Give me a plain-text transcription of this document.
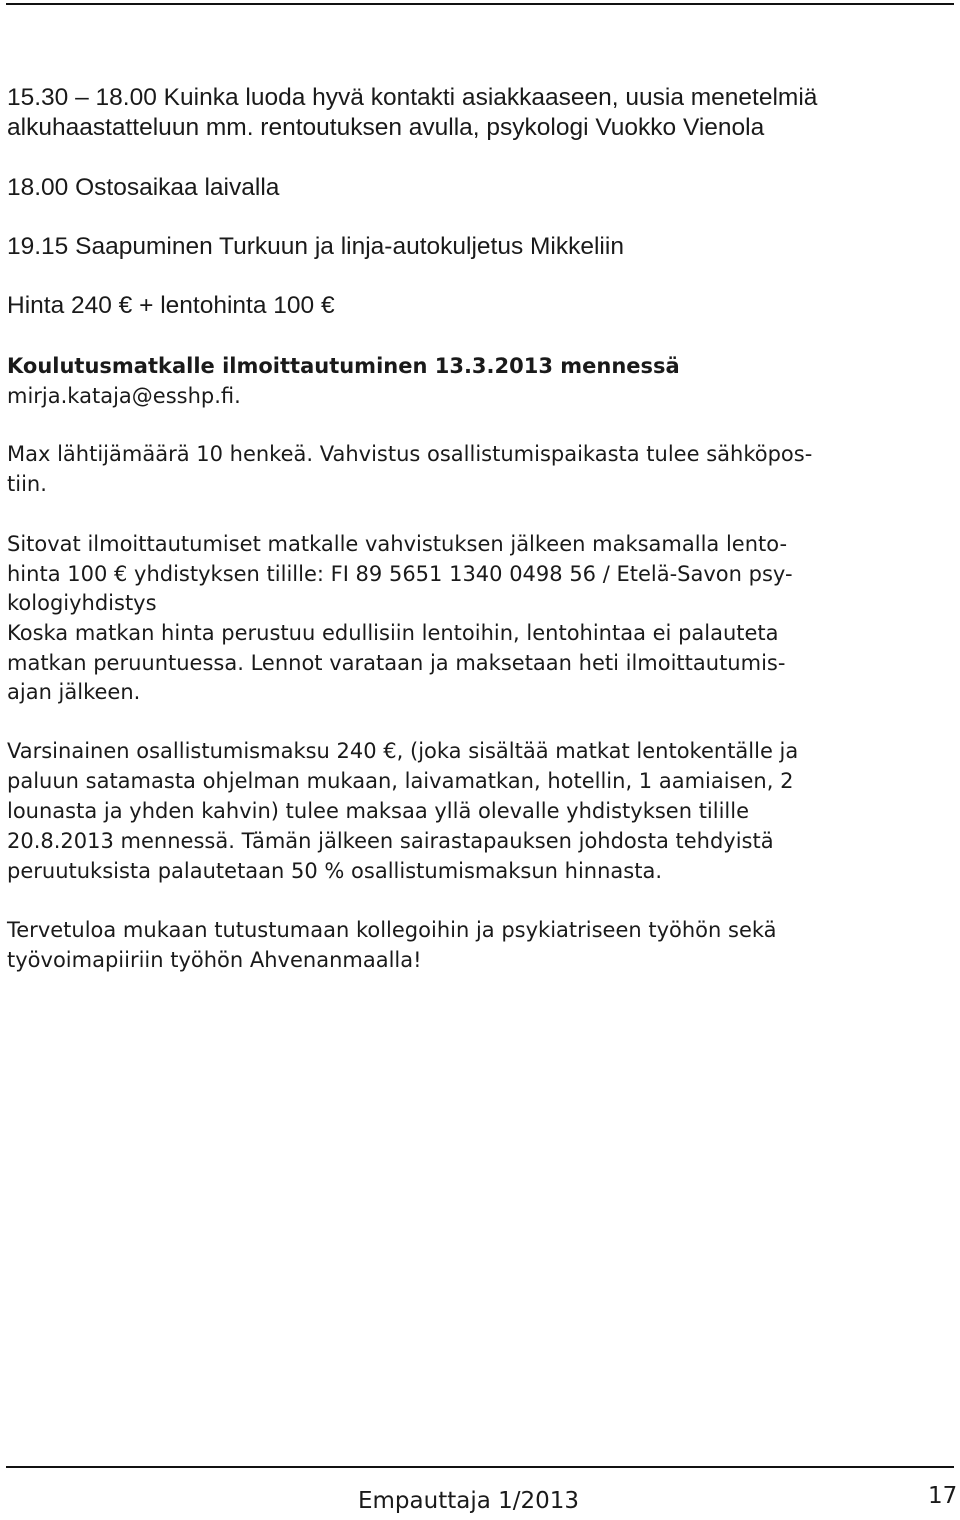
15.30 – 18.00 Kuinka luoda hyvä kontakti asiakkaaseen, uusia menetelmiä
alkuhaastatteluun mm. rentoutuksen avulla, psykologi Vuokko Vienola
18.00 Ostosaikaa laivalla
19.15 Saapuminen Turkuun ja linja-autokuljetus Mikkeliin
Hinta 240 € + lentohinta 100 €
Koulutusmatkalle ilmoittautuminen 13.3.2013 mennessä
mirja.kataja@esshp.fi.
Max lähtijämäärä 10 henkeä. Vahvistus osallistumispaikasta tulee sähköpos-
tiin.
Sitovat ilmoittautumiset matkalle vahvistuksen jälkeen maksamalla lento-
hinta 100 € yhdistyksen tilille: FI 89 5651 1340 0498 56 / Etelä-Savon psy-
kologiyhdistys
Koska matkan hinta perustuu edullisiin lentoihin, lentohintaa ei palauteta
matkan peruuntuessa. Lennot varataan ja maksetaan heti ilmoittautumis-
ajan jälkeen.
Varsinainen osallistumismaksu 240 €, (joka sisältää matkat lentokentälle ja
paluun satamasta ohjelman mukaan, laivamatkan, hotellin, 1 aamiaisen, 2
lounasta ja yhden kahvin) tulee maksaa yllä olevalle yhdistyksen tilille
20.8.2013 mennessä. Tämän jälkeen sairastapauksen johdosta tehdyistä
peruutuksista palautetaan 50 % osallistumismaksun hinnasta.
Tervetuloa mukaan tutustumaan kollegoihin ja psykiatriseen työhön sekä
työvoimapiiriin työhön Ahvenanmaalla!
Empauttaja 1/2013	17
